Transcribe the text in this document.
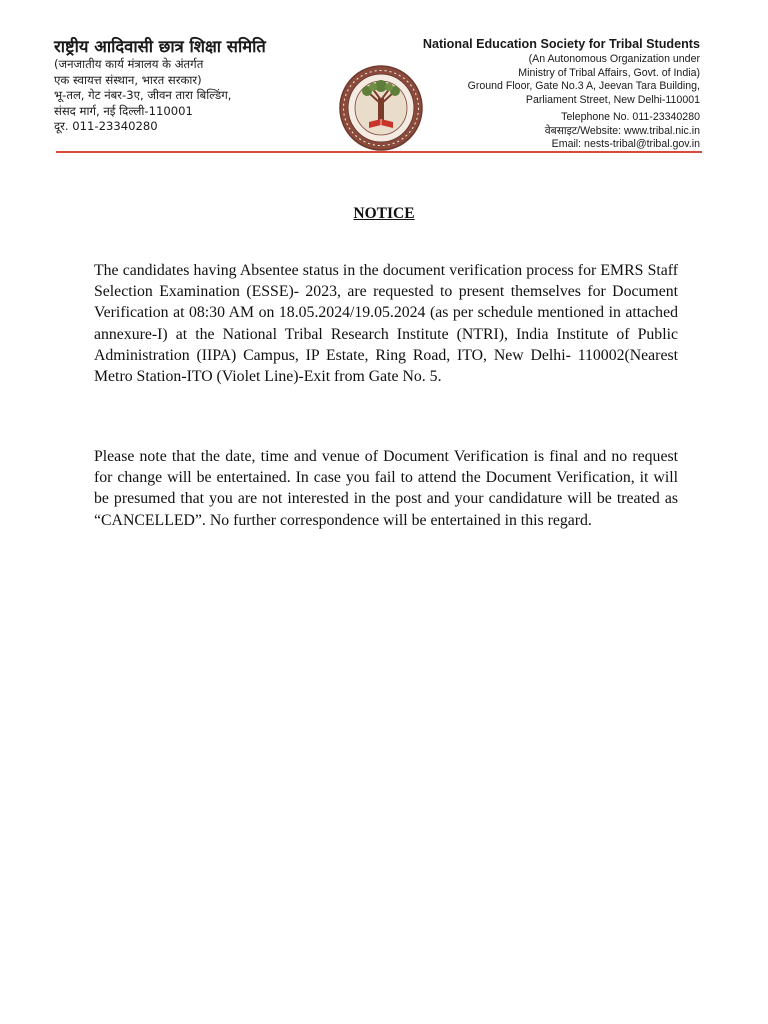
राष्ट्रीय आदिवासी छात्र शिक्षा समिति
(जनजातीय कार्य मंत्रालय के अंतर्गत
एक स्वायत्त संस्थान, भारत सरकार)
भू-तल, गेट नंबर-3ए, जीवन तारा बिल्डिंग,
संसद मार्ग, नई दिल्ली-110001
दूर. 011-23340280
National Education Society for Tribal Students
(An Autonomous Organization under
Ministry of Tribal Affairs, Govt. of India)
Ground Floor, Gate No.3 A, Jeevan Tara Building,
Parliament Street, New Delhi-110001
Telephone No. 011-23340280
वेबसाइट/Website: www.tribal.nic.in
Email: nests-tribal@tribal.gov.in
NOTICE

The candidates having Absentee status in the document verification process for EMRS Staff Selection Examination (ESSE)- 2023, are requested to present themselves for Document Verification at 08:30 AM on 18.05.2024/19.05.2024 (as per schedule mentioned in attached annexure-I) at the National Tribal Research Institute (NTRI), India Institute of Public Administration (IIPA) Campus, IP Estate, Ring Road, ITO, New Delhi- 110002(Nearest Metro Station-ITO (Violet Line)-Exit from Gate No. 5.

Please note that the date, time and venue of Document Verification is final and no request for change will be entertained. In case you fail to attend the Document Verification, it will be presumed that you are not interested in the post and your candidature will be treated as “CANCELLED”. No further correspondence will be entertained in this regard.
